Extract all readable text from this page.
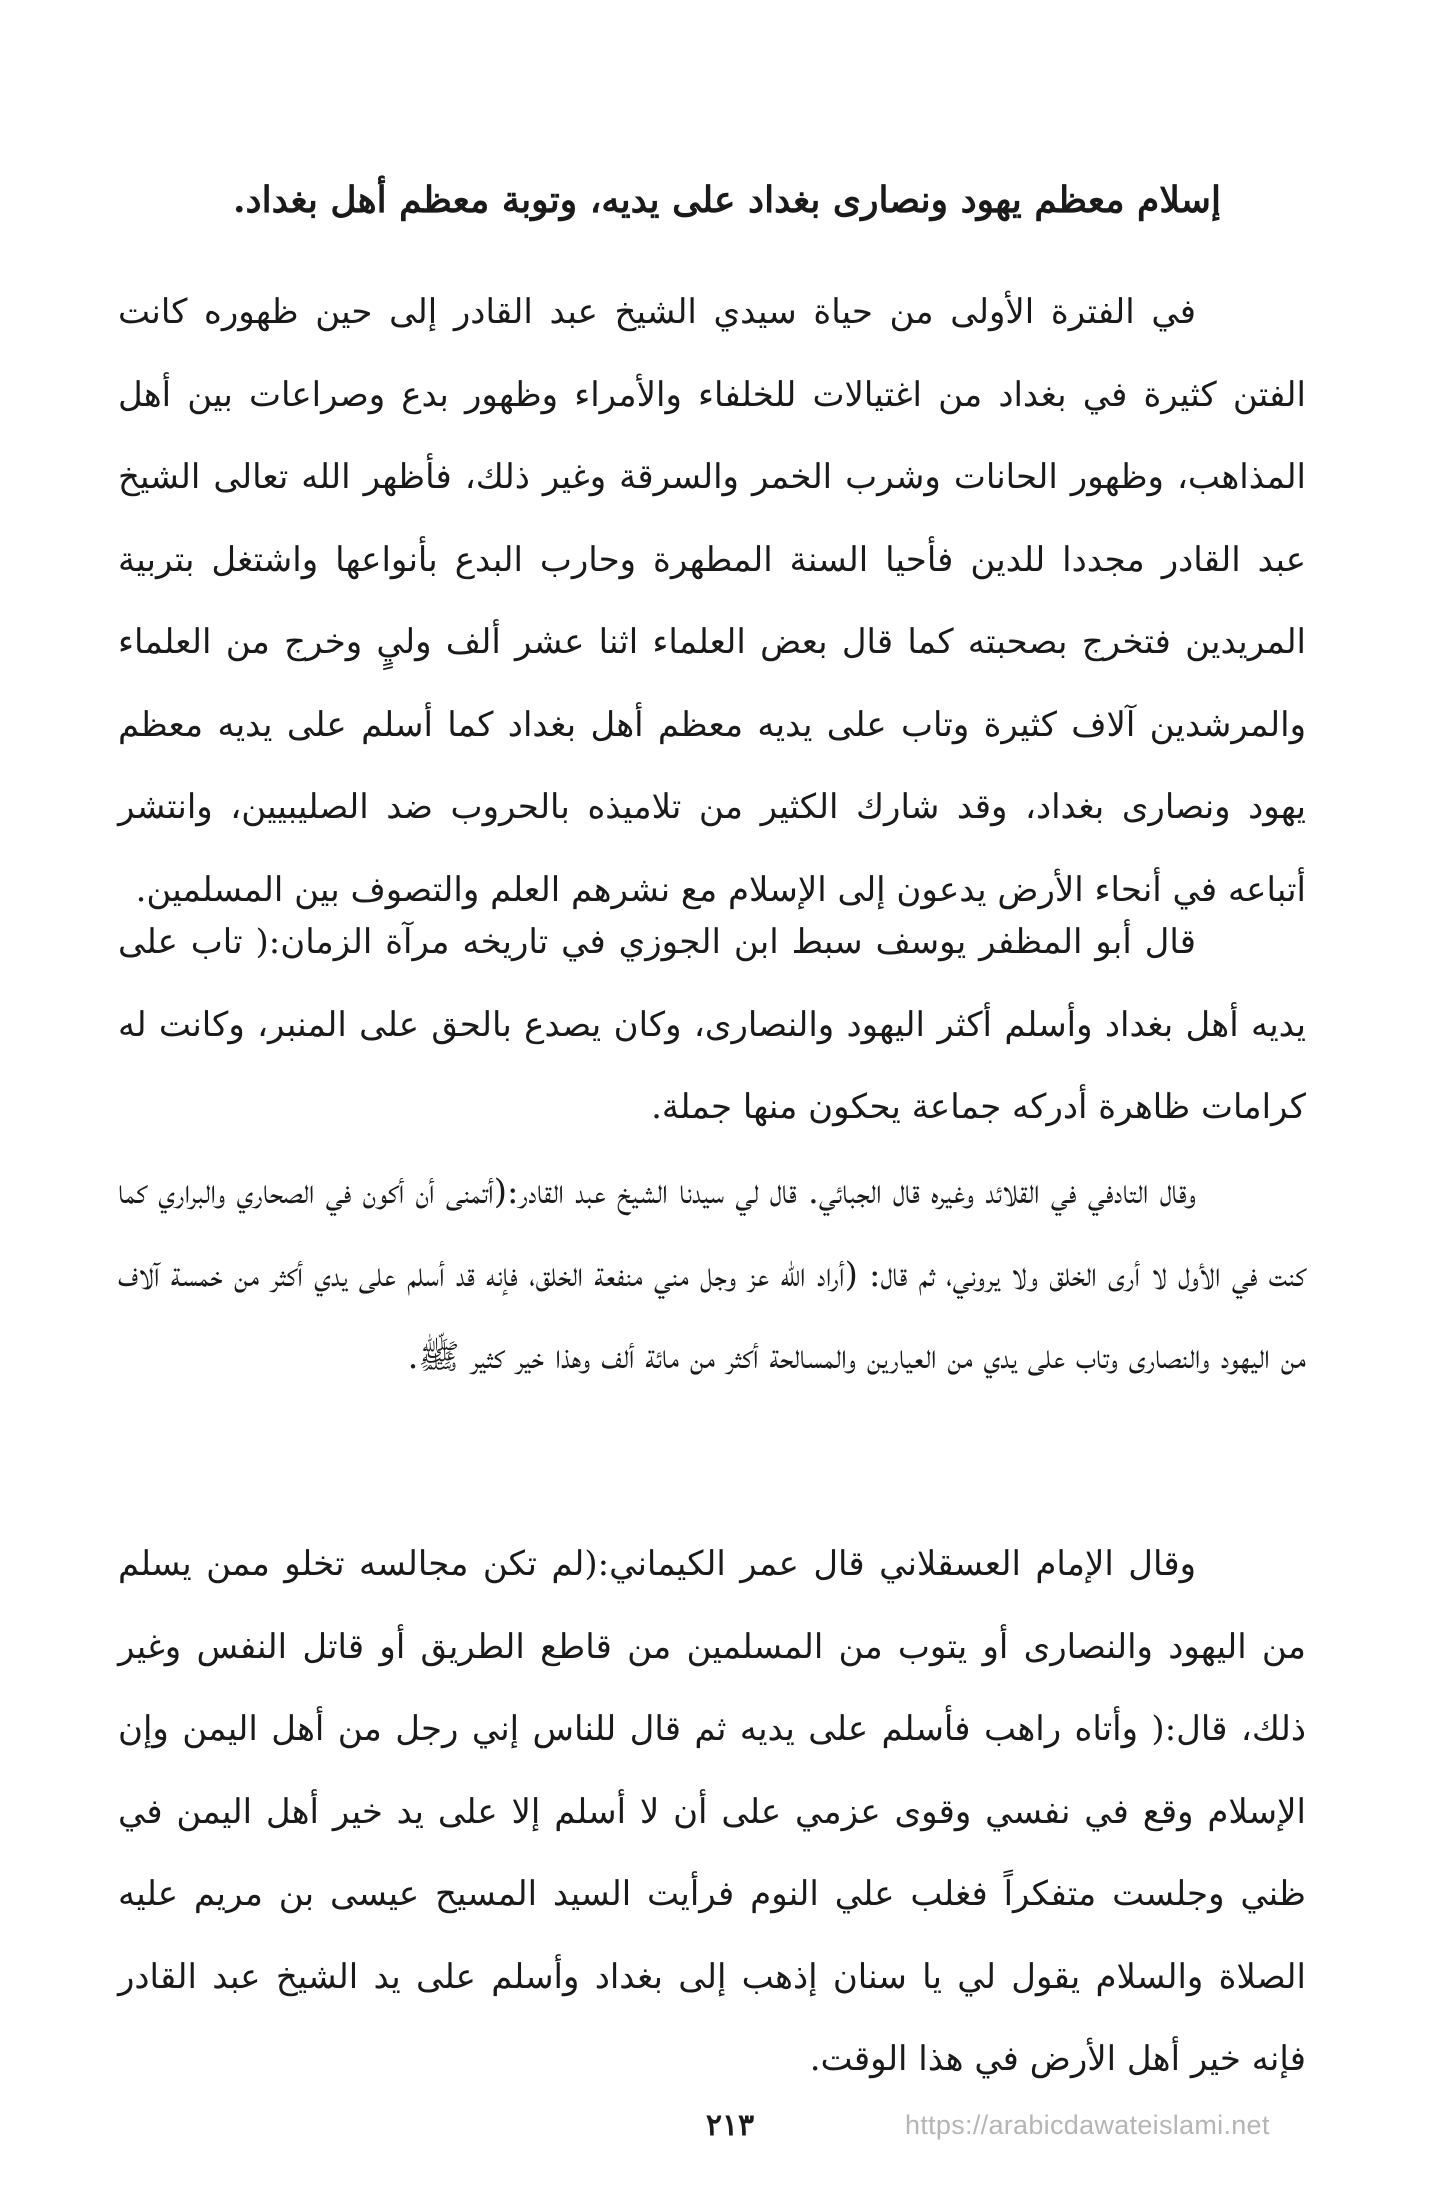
إسلام معظم يهود ونصارى بغداد على يديه، وتوبة معظم أهل بغداد.

في الفترة الأولى من حياة سيدي الشيخ عبد القادر إلى حين ظهوره كانت الفتن كثيرة في بغداد من اغتيالات للخلفاء والأمراء وظهور بدع وصراعات بين أهل المذاهب، وظهور الحانات وشرب الخمر والسرقة وغير ذلك، فأظهر الله تعالى الشيخ عبد القادر مجددا للدين فأحيا السنة المطهرة وحارب البدع بأنواعها واشتغل بتربية المريدين فتخرج بصحبته كما قال بعض العلماء اثنا عشر ألف وليٍ وخرج من العلماء والمرشدين آلاف كثيرة وتاب على يديه معظم أهل بغداد كما أسلم على يديه معظم يهود ونصارى بغداد، وقد شارك الكثير من تلاميذه بالحروب ضد الصليبيين، وانتشر أتباعه في أنحاء الأرض يدعون إلى الإسلام مع نشرهم العلم والتصوف بين المسلمين.

قال أبو المظفر يوسف سبط ابن الجوزي في تاريخه مرآة الزمان:( تاب على يديه أهل بغداد وأسلم أكثر اليهود والنصارى، وكان يصدع بالحق على المنبر، وكانت له كرامات ظاهرة أدركه جماعة يحكون منها جملة.

وقال التادفي في القلائد وغيره قال الجبائي. قال لي سيدنا الشيخ عبد القادر:(أتمنى أن أكون في الصحاري والبراري كما كنت في الأول لا أرى الخلق ولا يروني، ثم قال: (أراد الله عز وجل مني منفعة الخلق، فإنه قد أسلم على يدي أكثر من خمسة آلاف من اليهود والنصارى وتاب على يدي من العيارين والمسالحة أكثر من مائة ألف وهذا خير كثير ﷺ.

وقال الإمام العسقلاني قال عمر الكيماني:(لم تكن مجالسه تخلو ممن يسلم من اليهود والنصارى أو يتوب من المسلمين من قاطع الطريق أو قاتل النفس وغير ذلك، قال:( وأتاه راهب فأسلم على يديه ثم قال للناس إني رجل من أهل اليمن وإن الإسلام وقع في نفسي وقوى عزمي على أن لا أسلم إلا على يد خير أهل اليمن في ظني وجلست متفكراً فغلب علي النوم فرأيت السيد المسيح عيسى بن مريم عليه الصلاة والسلام يقول لي يا سنان إذهب إلى بغداد وأسلم على يد الشيخ عبد القادر فإنه خير أهل الأرض في هذا الوقت.

٢١٣	https://arabicdawateislami.net
